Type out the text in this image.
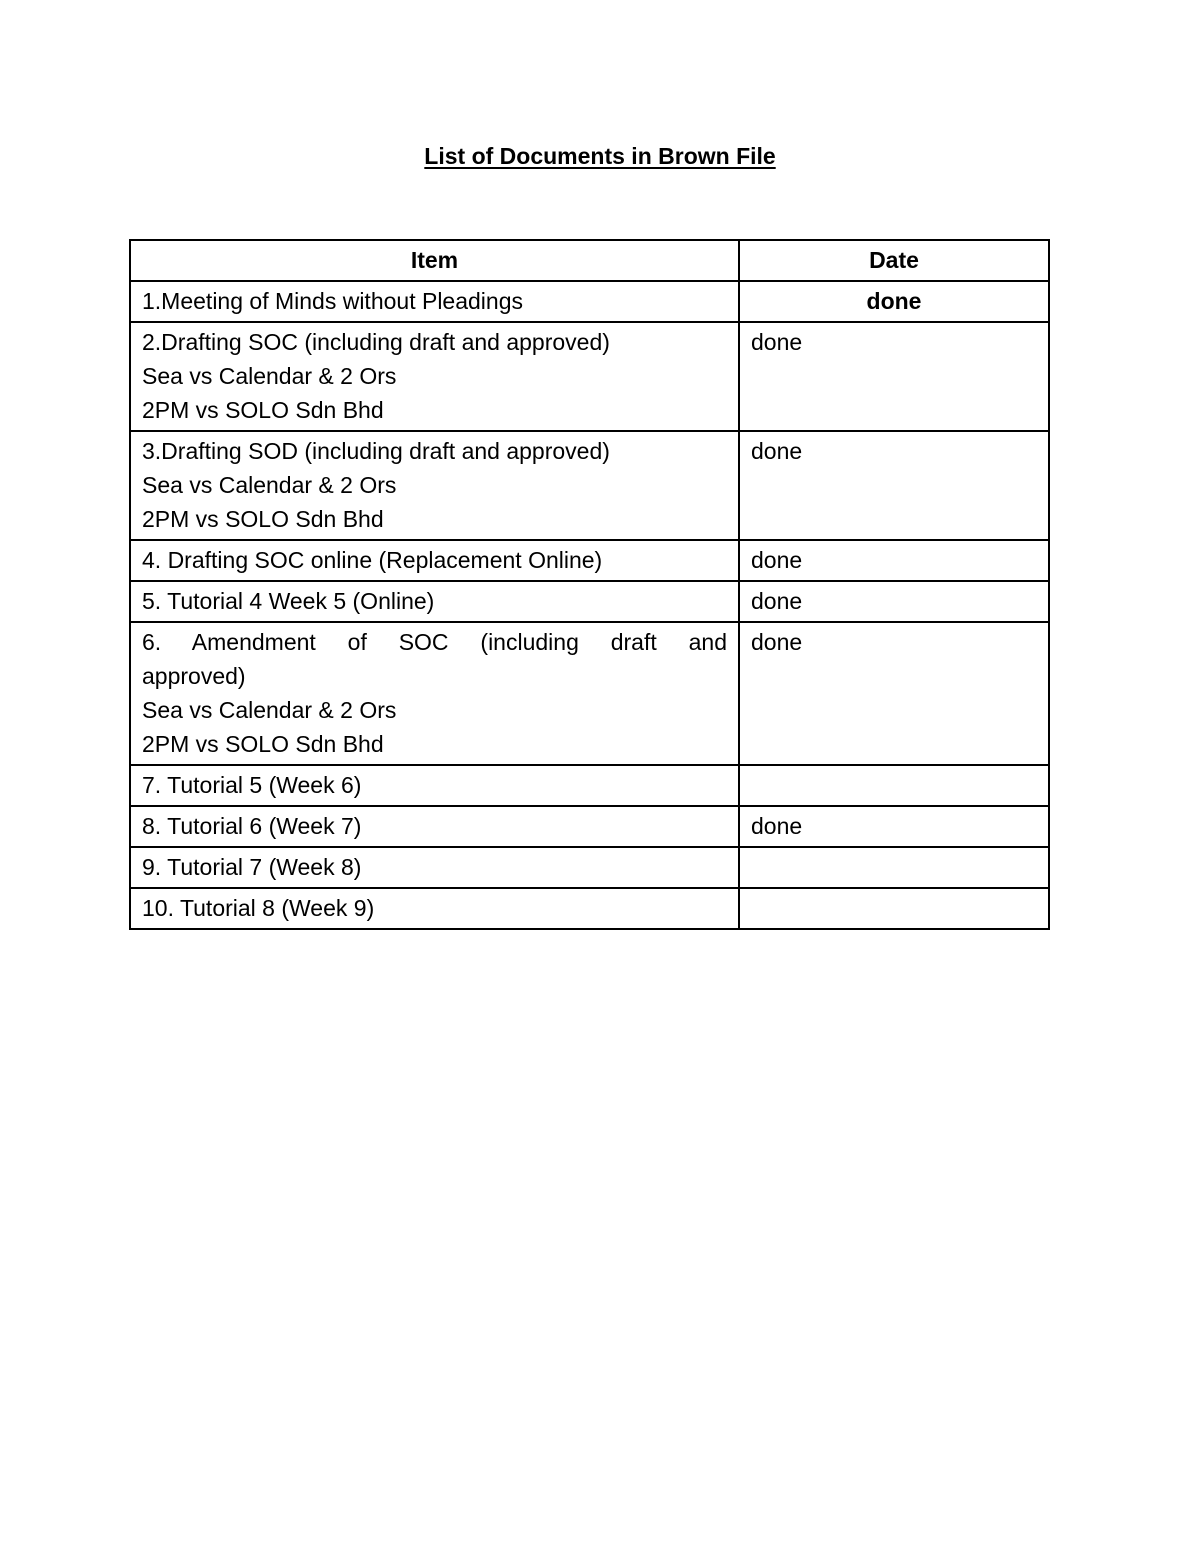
List of Documents in Brown File
Item	Date

1.Meeting of Minds without Pleadings	done

2.Drafting SOC (including draft and approved)
Sea vs Calendar & 2 Ors
2PM vs SOLO Sdn Bhd	done

3.Drafting SOD (including draft and approved)
Sea vs Calendar & 2 Ors
2PM vs SOLO Sdn Bhd	done

4. Drafting SOC online (Replacement Online)	done

5. Tutorial 4 Week 5 (Online)	done

6. Amendment of SOC (including draft and
approved)
Sea vs Calendar & 2 Ors
2PM vs SOLO Sdn Bhd	done

7. Tutorial 5 (Week 6)	

8. Tutorial 6 (Week 7)	done

9. Tutorial 7 (Week 8)	

10. Tutorial 8 (Week 9)	
